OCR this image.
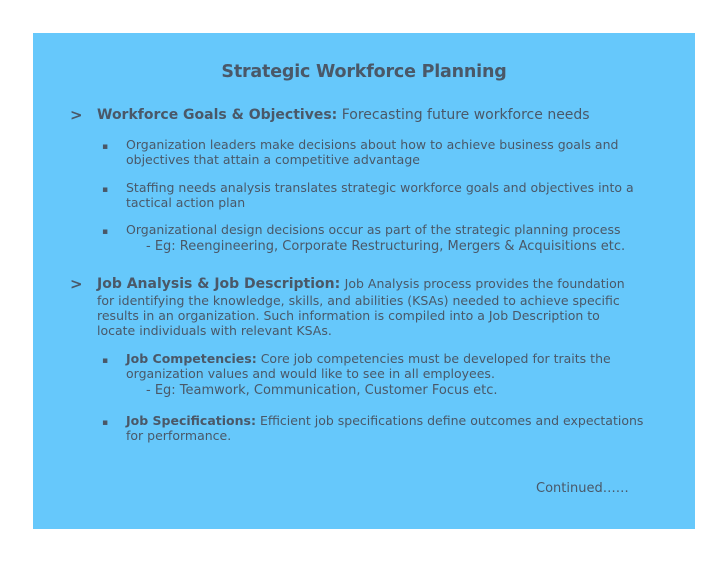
Strategic Workforce Planning
> Workforce Goals & Objectives: Forecasting future workforce needs
▪ Organization leaders make decisions about how to achieve business goals and
objectives that attain a competitive advantage
▪ Staffing needs analysis translates strategic workforce goals and objectives into a
tactical action plan
▪ Organizational design decisions occur as part of the strategic planning process
- Eg: Reengineering, Corporate Restructuring, Mergers & Acquisitions etc.
> Job Analysis & Job Description: Job Analysis process provides the foundation
for identifying the knowledge, skills, and abilities (KSAs) needed to achieve specific
results in an organization. Such information is compiled into a Job Description to
locate individuals with relevant KSAs.
▪ Job Competencies: Core job competencies must be developed for traits the
organization values and would like to see in all employees.
- Eg: Teamwork, Communication, Customer Focus etc.
▪ Job Specifications: Efficient job specifications define outcomes and expectations
for performance.
Continued……
